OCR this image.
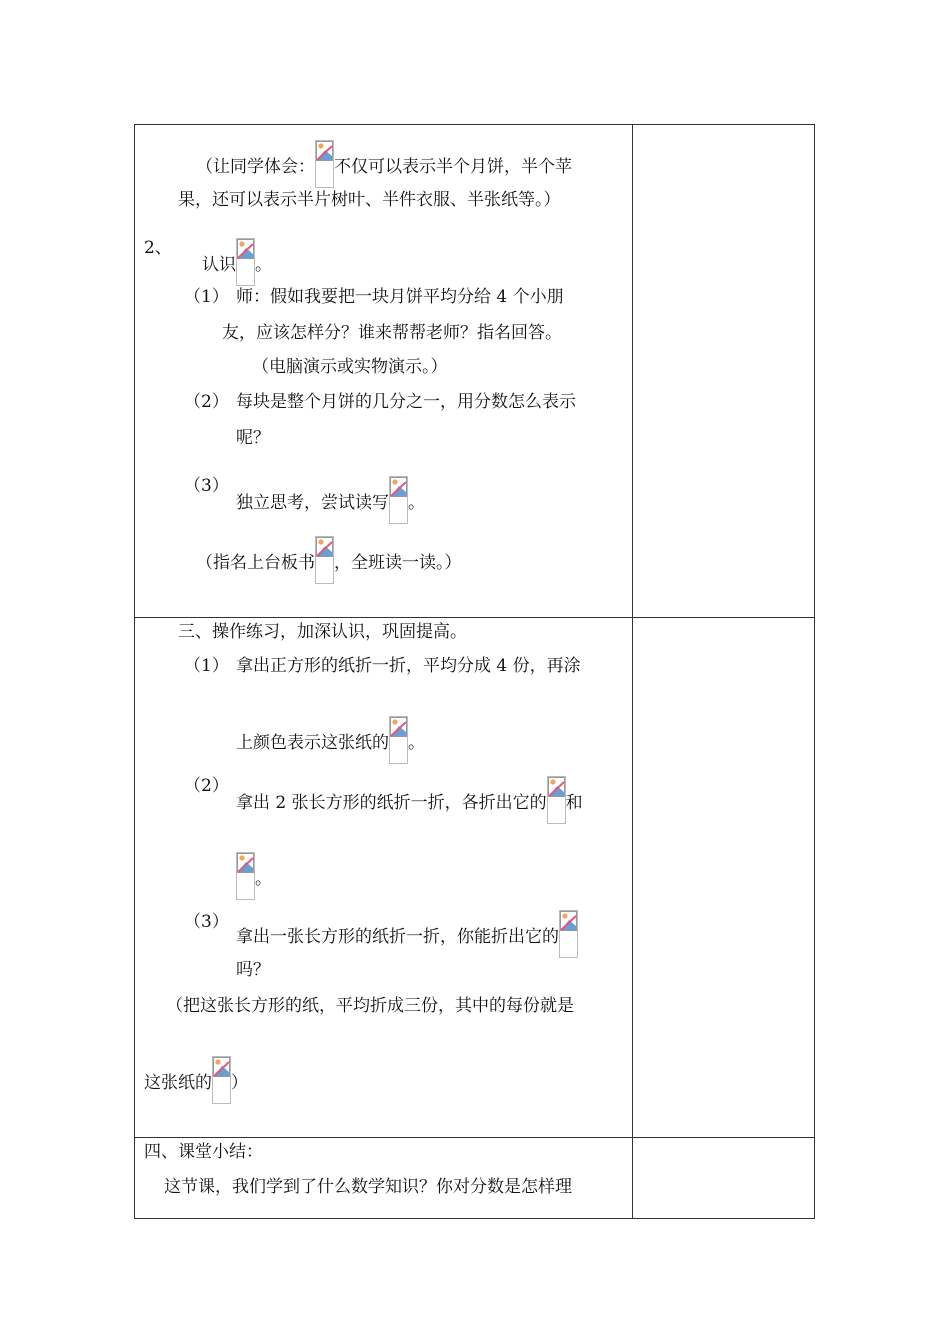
（让同学体会： 不仅可以表示半个月饼，半个苹
果，还可以表示半片树叶、半件衣服、半张纸等。）
2、
认识 。
（1） 师：假如我要把一块月饼平均分给 4 个小朋
友，应该怎样分？谁来帮帮老师？指名回答。
（电脑演示或实物演示。）
（2） 每块是整个月饼的几分之一，用分数怎么表示
呢？
（3）
独立思考，尝试读写 。
（指名上台板书 ，全班读一读。）
三、操作练习，加深认识，巩固提高。
（1） 拿出正方形的纸折一折，平均分成 4 份，再涂
上颜色表示这张纸的 。
（2）
拿出 2 张长方形的纸折一折，各折出它的 和
。
（3）
拿出一张长方形的纸折一折，你能折出它的
吗？
（把这张长方形的纸，平均折成三份，其中的每份就是
这张纸的 ）
四、课堂小结：
这节课，我们学到了什么数学知识？你对分数是怎样理
